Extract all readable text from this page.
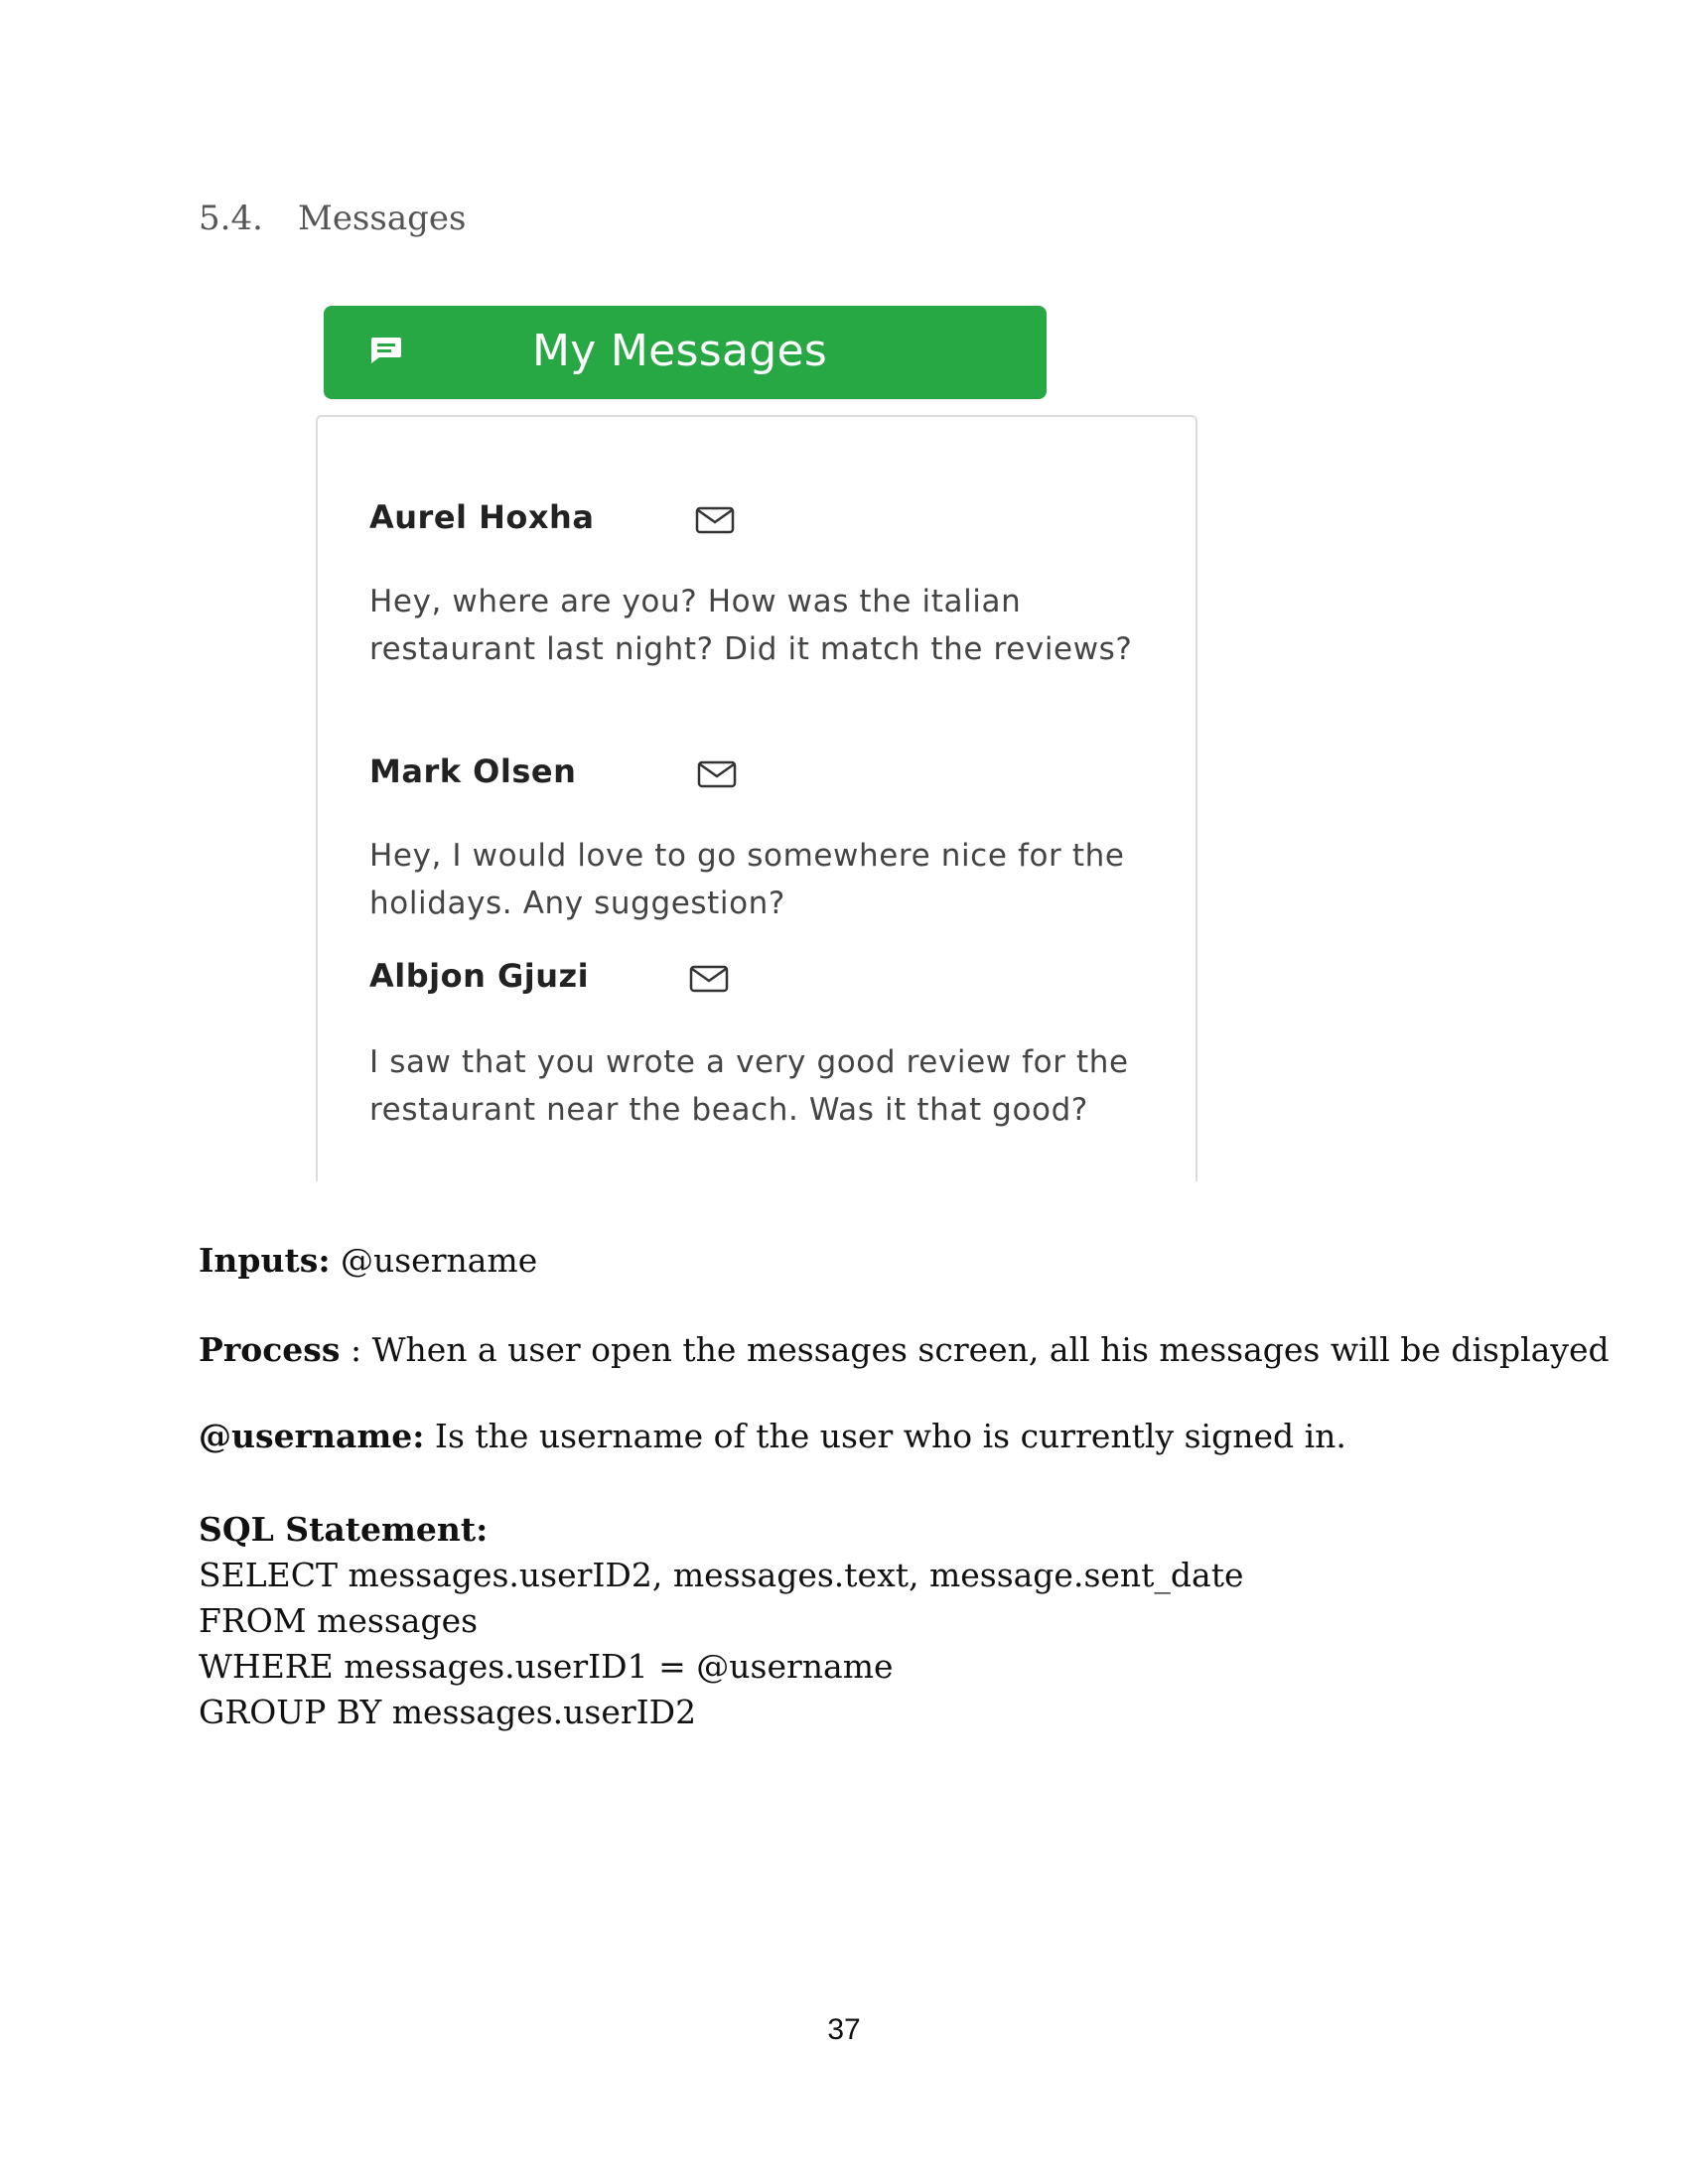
5.4. Messages
My Messages
Aurel Hoxha
Hey, where are you? How was the italian restaurant last night? Did it match the reviews?
Mark Olsen
Hey, I would love to go somewhere nice for the holidays. Any suggestion?
Albjon Gjuzi
I saw that you wrote a very good review for the restaurant near the beach. Was it that good?
Inputs: @username
Process : When a user open the messages screen, all his messages will be displayed
@username: Is the username of the user who is currently signed in.
SQL Statement:
SELECT messages.userID2, messages.text, message.sent_date
FROM messages
WHERE messages.userID1 = @username
GROUP BY messages.userID2
37
